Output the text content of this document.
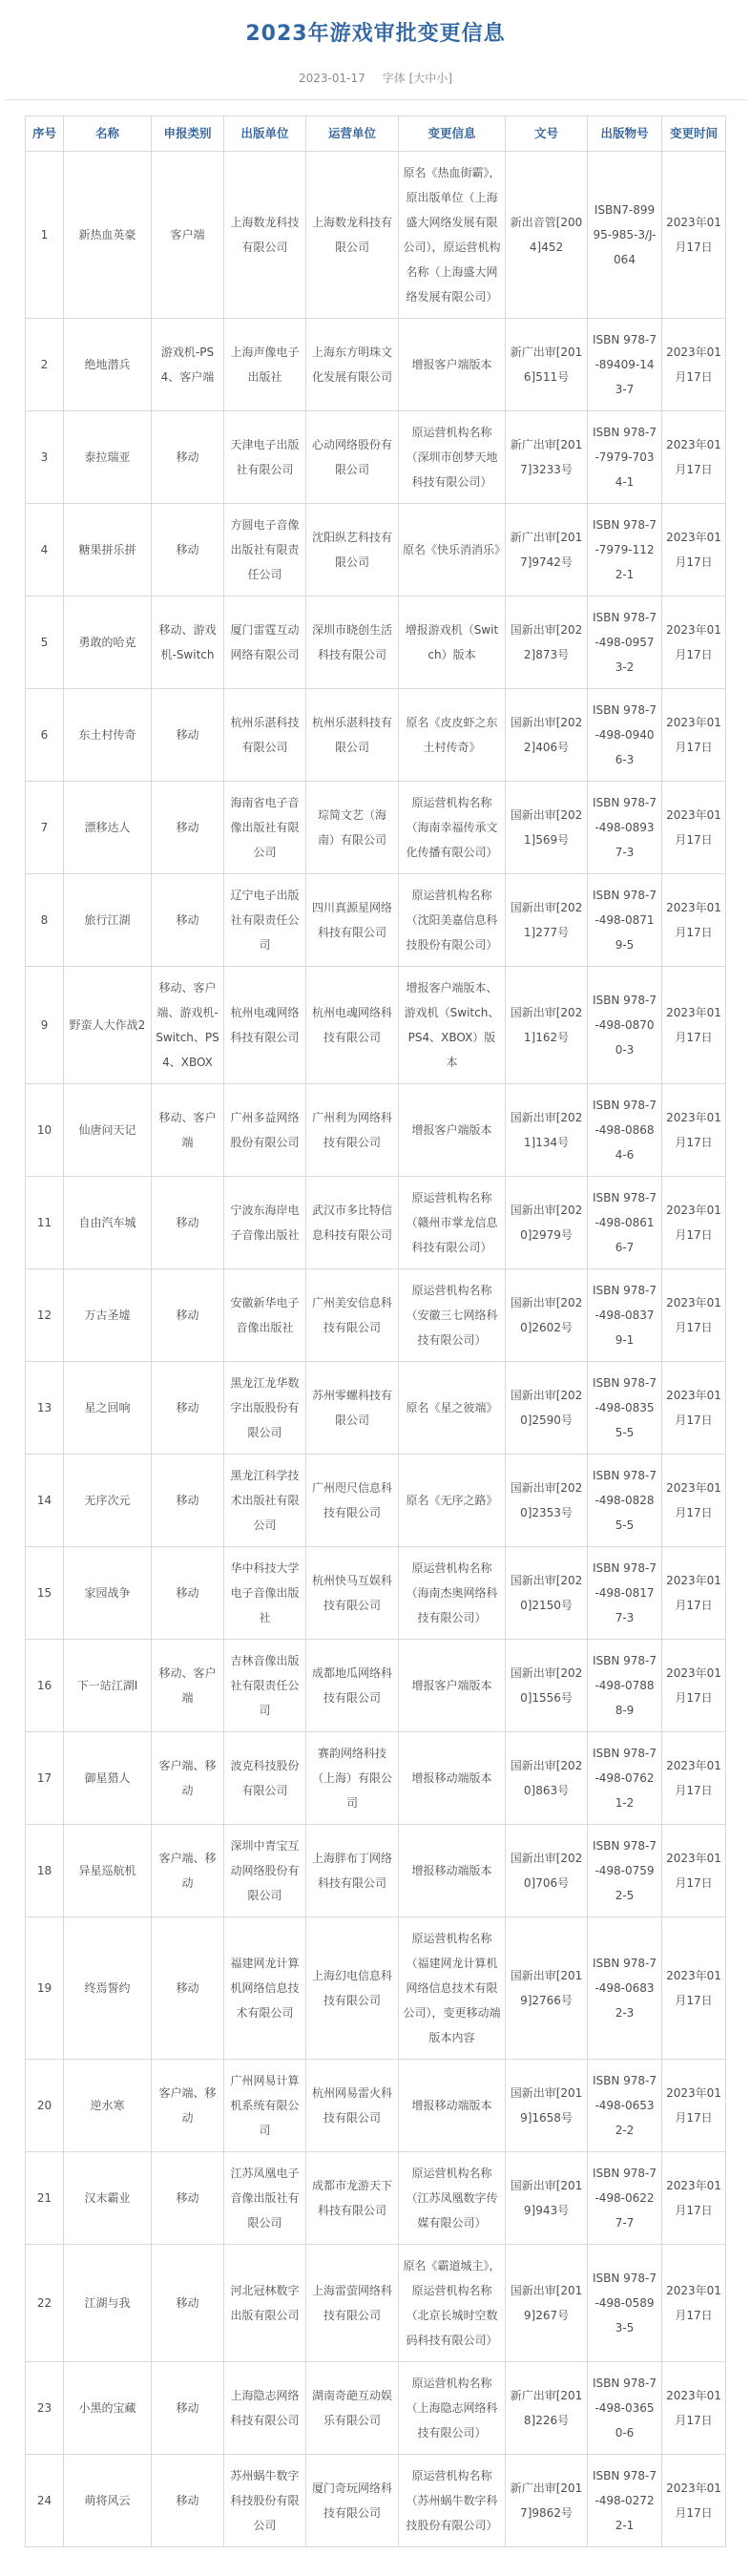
2023年游戏审批变更信息
2023-01-17 字体 [大中小]
序号	名称	申报类别	出版单位	运营单位	变更信息	文号	出版物号	变更时间
1	新热血英豪	客户端	上海数龙科技有限公司	上海数龙科技有限公司	原名《热血街霸》，原出版单位（上海盛大网络发展有限公司），原运营机构名称（上海盛大网络发展有限公司）	新出音管[2004]452	ISBN7-89995-985-3/J-064	2023年01月17日
2	绝地潜兵	游戏机-PS4、客户端	上海声像电子出版社	上海东方明珠文化发展有限公司	增报客户端版本	新广出审[2016]511号	ISBN 978-7-89409-143-7	2023年01月17日
3	泰拉瑞亚	移动	天津电子出版社有限公司	心动网络股份有限公司	原运营机构名称（深圳市创梦天地科技有限公司）	新广出审[2017]3233号	ISBN 978-7-7979-7034-1	2023年01月17日
4	糖果拼乐拼	移动	方圆电子音像出版社有限责任公司	沈阳纵艺科技有限公司	原名《快乐消消乐》	新广出审[2017]9742号	ISBN 978-7-7979-1122-1	2023年01月17日
5	勇敢的哈克	移动、游戏机-Switch	厦门雷霆互动网络有限公司	深圳市晓创生活科技有限公司	增报游戏机（Switch）版本	国新出审[2022]873号	ISBN 978-7-498-09573-2	2023年01月17日
6	东土村传奇	移动	杭州乐湛科技有限公司	杭州乐湛科技有限公司	原名《皮皮虾之东土村传奇》	国新出审[2022]406号	ISBN 978-7-498-09406-3	2023年01月17日
7	漂移达人	移动	海南省电子音像出版社有限公司	琮简文艺（海南）有限公司	原运营机构名称（海南幸福传承文化传播有限公司）	国新出审[2021]569号	ISBN 978-7-498-08937-3	2023年01月17日
8	旅行江湖	移动	辽宁电子出版社有限责任公司	四川真源星网络科技有限公司	原运营机构名称（沈阳美嘉信息科技股份有限公司）	国新出审[2021]277号	ISBN 978-7-498-08719-5	2023年01月17日
9	野蛮人大作战2	移动、客户端、游戏机-Switch、PS4、XBOX	杭州电魂网络科技有限公司	杭州电魂网络科技有限公司	增报客户端版本、游戏机（Switch、PS4、XBOX）版本	国新出审[2021]162号	ISBN 978-7-498-08700-3	2023年01月17日
10	仙唐问天记	移动、客户端	广州多益网络股份有限公司	广州利为网络科技有限公司	增报客户端版本	国新出审[2021]134号	ISBN 978-7-498-08684-6	2023年01月17日
11	自由汽车城	移动	宁波东海岸电子音像出版社	武汉市多比特信息科技有限公司	原运营机构名称（赣州市掌龙信息科技有限公司）	国新出审[2020]2979号	ISBN 978-7-498-08616-7	2023年01月17日
12	万古圣墟	移动	安徽新华电子音像出版社	广州美安信息科技有限公司	原运营机构名称（安徽三七网络科技有限公司）	国新出审[2020]2602号	ISBN 978-7-498-08379-1	2023年01月17日
13	星之回响	移动	黑龙江龙华数字出版股份有限公司	苏州零螺科技有限公司	原名《星之彼端》	国新出审[2020]2590号	ISBN 978-7-498-08355-5	2023年01月17日
14	无序次元	移动	黑龙江科学技术出版社有限公司	广州咫尺信息科技有限公司	原名《无序之路》	国新出审[2020]2353号	ISBN 978-7-498-08285-5	2023年01月17日
15	家园战争	移动	华中科技大学电子音像出版社	杭州快马互娱科技有限公司	原运营机构名称（海南杰奥网络科技有限公司）	国新出审[2020]2150号	ISBN 978-7-498-08177-3	2023年01月17日
16	下一站江湖Ⅰ	移动、客户端	吉林音像出版社有限责任公司	成都地瓜网络科技有限公司	增报客户端版本	国新出审[2020]1556号	ISBN 978-7-498-07888-9	2023年01月17日
17	御星猎人	客户端、移动	波克科技股份有限公司	赛韵网络科技（上海）有限公司	增报移动端版本	国新出审[2020]863号	ISBN 978-7-498-07621-2	2023年01月17日
18	异星巡航机	客户端、移动	深圳中青宝互动网络股份有限公司	上海胖布丁网络科技有限公司	增报移动端版本	国新出审[2020]706号	ISBN 978-7-498-07592-5	2023年01月17日
19	终焉誓约	移动	福建网龙计算机网络信息技术有限公司	上海幻电信息科技有限公司	原运营机构名称（福建网龙计算机网络信息技术有限公司），变更移动端版本内容	国新出审[2019]2766号	ISBN 978-7-498-06832-3	2023年01月17日
20	逆水寒	客户端、移动	广州网易计算机系统有限公司	杭州网易雷火科技有限公司	增报移动端版本	国新出审[2019]1658号	ISBN 978-7-498-06532-2	2023年01月17日
21	汉末霸业	移动	江苏凤凰电子音像出版社有限公司	成都市龙游天下科技有限公司	原运营机构名称（江苏凤凰数字传媒有限公司）	国新出审[2019]943号	ISBN 978-7-498-06227-7	2023年01月17日
22	江湖与我	移动	河北冠林数字出版有限公司	上海雷萤网络科技有限公司	原名《霸道城主》，原运营机构名称（北京长城时空数码科技有限公司）	国新出审[2019]267号	ISBN 978-7-498-05893-5	2023年01月17日
23	小黑的宝藏	移动	上海隐志网络科技有限公司	湖南奇葩互动娱乐有限公司	原运营机构名称（上海隐志网络科技有限公司）	新广出审[2018]226号	ISBN 978-7-498-03650-6	2023年01月17日
24	萌将风云	移动	苏州蜗牛数字科技股份有限公司	厦门奇玩网络科技有限公司	原运营机构名称（苏州蜗牛数字科技股份有限公司）	新广出审[2017]9862号	ISBN 978-7-498-02722-1	2023年01月17日
